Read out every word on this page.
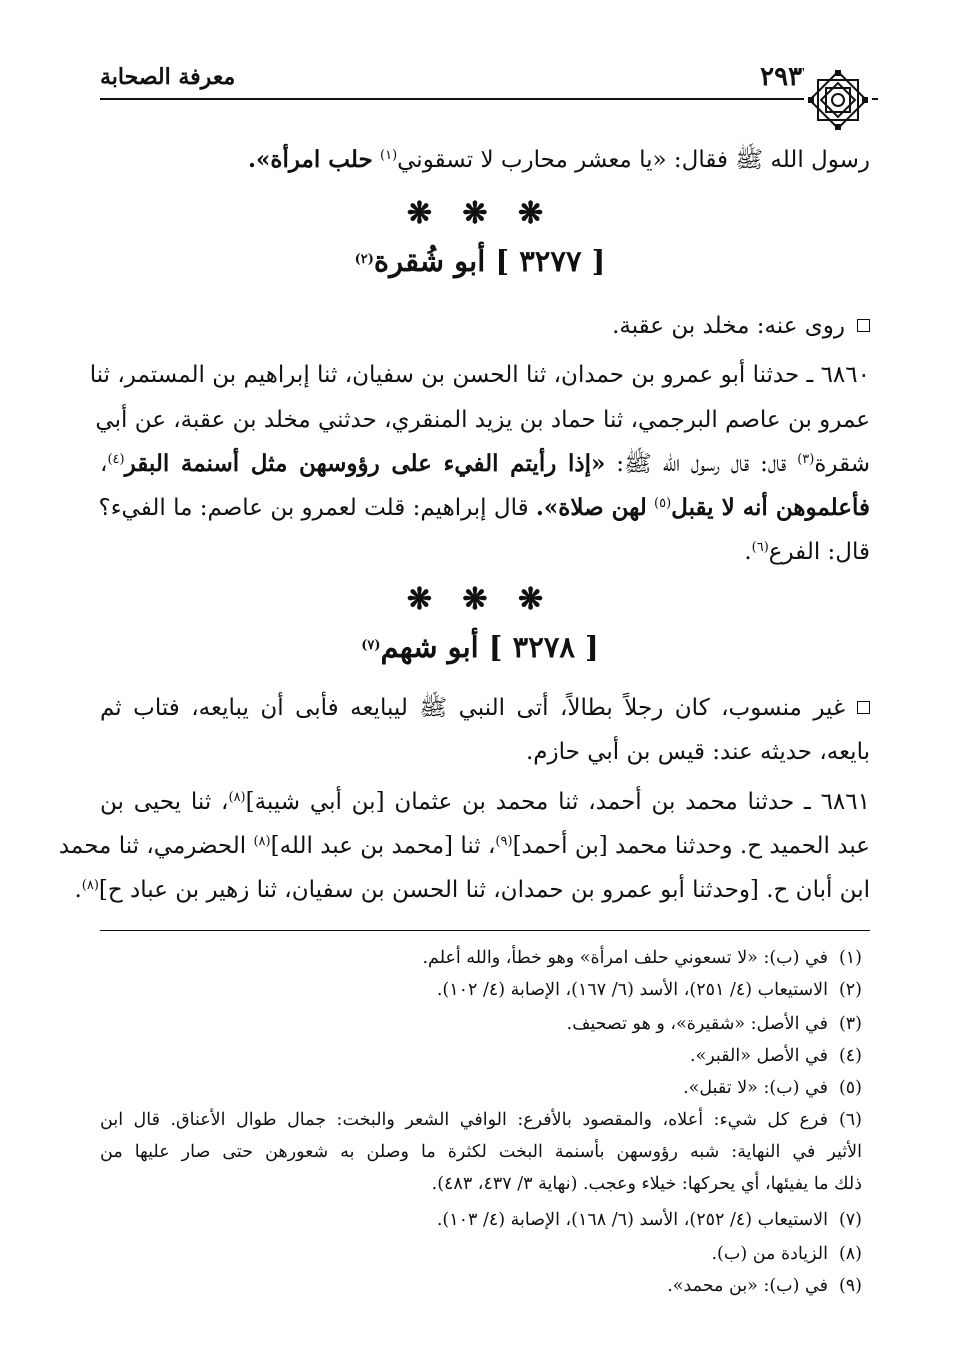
٢٩٣٢
معرفة الصحابة
رسول الله ﷺ فقال: «يا معشر محارب لا تسقوني$^{(١)}$ حلب امرأة».
❋ ❋ ❋
[ ٣٢٧٧ ] أبو شُقرة$^{(٢)}$
روى عنه: مخلد بن عقبة.
٦٨٦٠ ـ حدثنا أبو عمرو بن حمدان، ثنا الحسن بن سفيان، ثنا إبراهيم بن المستمر، ثنا
عمرو بن عاصم البرجمي، ثنا حماد بن يزيد المنقري، حدثني مخلد بن عقبة، عن أبي
شقرة$^{(٣)}$ قال: قال رسول الله ﷺ: «إذا رأيتم الفيء على رؤوسهن مثل أسنمة البقر$^{(٤)}$،
فأعلموهن أنه لا يقبل$^{(٥)}$ لهن صلاة». قال إبراهيم: قلت لعمرو بن عاصم: ما الفيء؟
قال: الفرع$^{(٦)}$.
❋ ❋ ❋
[ ٣٢٧٨ ] أبو شهم$^{(٧)}$
غير منسوب، كان رجلاً بطالاً، أتى النبي ﷺ ليبايعه فأبى أن يبايعه، فتاب ثم
بايعه، حديثه عند: قيس بن أبي حازم.
٦٨٦١ ـ حدثنا محمد بن أحمد، ثنا محمد بن عثمان [بن أبي شيبة]$^{(٨)}$، ثنا يحيى بن
عبد الحميد ح. وحدثنا محمد [بن أحمد]$^{(٩)}$، ثنا [محمد بن عبد الله]$^{(٨)}$ الحضرمي، ثنا محمد
ابن أبان ح. [وحدثنا أبو عمرو بن حمدان، ثنا الحسن بن سفيان، ثنا زهير بن عباد ح]$^{(٨)}$.
(١)في (ب): «لا تسعوني حلف امرأة» وهو خطأ، والله أعلم.
(٢)الاستيعاب (٤/ ٢٥١)، الأسد (٦/ ١٦٧)، الإصابة (٤/ ١٠٢).
(٣)في الأصل: «شقيرة»، و هو تصحيف.
(٤)في الأصل «القبر».
(٥)في (ب): «لا تقبل».
(٦)فرع كل شيء: أعلاه، والمقصود بالأفرع: الوافي الشعر والبخت: جمال طوال الأعناق. قال ابن
الأثير في النهاية: شبه رؤوسهن بأسنمة البخت لكثرة ما وصلن به شعورهن حتى صار عليها من
ذلك ما يفيئها، أي يحركها: خيلاء وعجب. (نهاية ٣/ ٤٣٧، ٤٨٣).
(٧)الاستيعاب (٤/ ٢٥٢)، الأسد (٦/ ١٦٨)، الإصابة (٤/ ١٠٣).
(٨)الزيادة من (ب).
(٩)في (ب): «بن محمد».
